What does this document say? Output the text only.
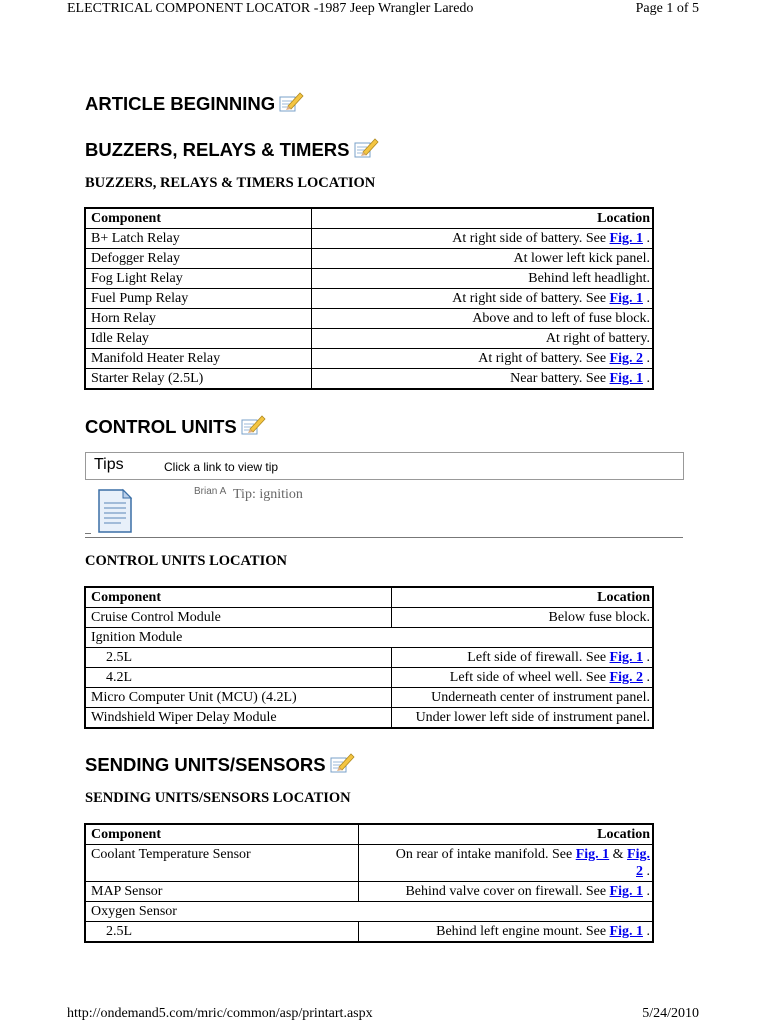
ELECTRICAL COMPONENT LOCATOR -1987 Jeep Wrangler Laredo	Page 1 of 5
ARTICLE BEGINNING
BUZZERS, RELAYS & TIMERS
BUZZERS, RELAYS & TIMERS LOCATION
Component	Location
B+ Latch Relay	At right side of battery. See Fig. 1 .
Defogger Relay	At lower left kick panel.
Fog Light Relay	Behind left headlight.
Fuel Pump Relay	At right side of battery. See Fig. 1 .
Horn Relay	Above and to left of fuse block.
Idle Relay	At right of battery.
Manifold Heater Relay	At right of battery. See Fig. 2 .
Starter Relay (2.5L)	Near battery. See Fig. 1 .
CONTROL UNITS
Tips	Click a link to view tip
Brian A Tip: ignition
CONTROL UNITS LOCATION
Component	Location
Cruise Control Module	Below fuse block.
Ignition Module	
2.5L	Left side of firewall. See Fig. 1 .
4.2L	Left side of wheel well. See Fig. 2 .
Micro Computer Unit (MCU) (4.2L)	Underneath center of instrument panel.
Windshield Wiper Delay Module	Under lower left side of instrument panel.
SENDING UNITS/SENSORS
SENDING UNITS/SENSORS LOCATION
Component	Location
Coolant Temperature Sensor	On rear of intake manifold. See Fig. 1 & Fig.
2 .
MAP Sensor	Behind valve cover on firewall. See Fig. 1 .
Oxygen Sensor	
2.5L	Behind left engine mount. See Fig. 1 .
http://ondemand5.com/mric/common/asp/printart.aspx	5/24/2010
